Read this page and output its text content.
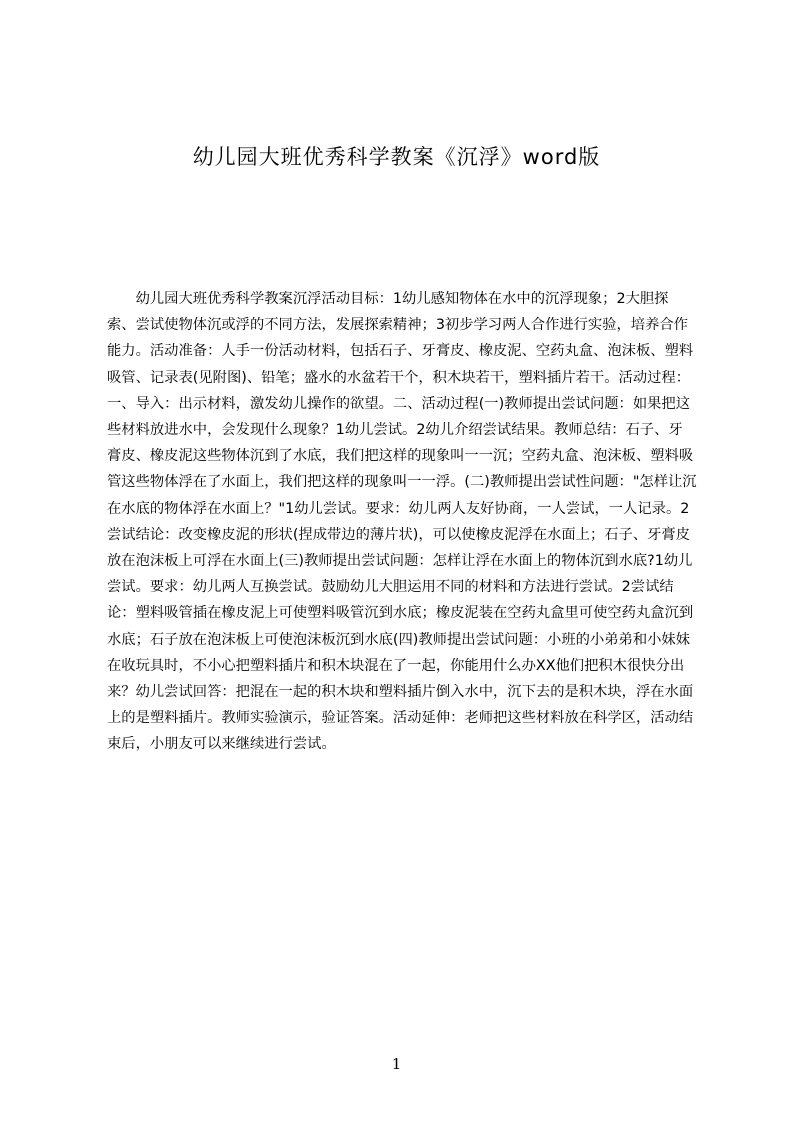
幼儿园大班优秀科学教案《沉浮》word版
幼儿园大班优秀科学教案沉浮活动目标：1幼儿感知物体在水中的沉浮现象；2大胆探索、尝试使物体沉或浮的不同方法，发展探索精神；3初步学习两人合作进行实验，培养合作能力。活动准备：人手一份活动材料，包括石子、牙膏皮、橡皮泥、空药丸盒、泡沫板、塑料吸管、记录表(见附图)、铅笔；盛水的水盆若干个，积木块若干，塑料插片若干。活动过程：一、导入：出示材料，激发幼儿操作的欲望。二、活动过程(一)教师提出尝试问题：如果把这些材料放进水中，会发现什么现象？1幼儿尝试。2幼儿介绍尝试结果。教师总结：石子、牙膏皮、橡皮泥这些物体沉到了水底，我们把这样的现象叫一一沉；空药丸盒、泡沫板、塑料吸管这些物体浮在了水面上，我们把这样的现象叫一一浮。(二)教师提出尝试性问题："怎样让沉在水底的物体浮在水面上？"1幼儿尝试。要求：幼儿两人友好协商，一人尝试，一人记录。2尝试结论：改变橡皮泥的形状(捏成带边的薄片状)，可以使橡皮泥浮在水面上；石子、牙膏皮放在泡沫板上可浮在水面上(三)教师提出尝试问题：怎样让浮在水面上的物体沉到水底?1幼儿尝试。要求：幼儿两人互换尝试。鼓励幼儿大胆运用不同的材料和方法进行尝试。2尝试结论：塑料吸管插在橡皮泥上可使塑料吸管沉到水底；橡皮泥装在空药丸盒里可使空药丸盒沉到水底；石子放在泡沫板上可使泡沫板沉到水底(四)教师提出尝试问题：小班的小弟弟和小妹妹在收玩具时，不小心把塑料插片和积木块混在了一起，你能用什么办XX他们把积木很快分出来？幼儿尝试回答：把混在一起的积木块和塑料插片倒入水中，沉下去的是积木块，浮在水面上的是塑料插片。教师实验演示，验证答案。活动延伸：老师把这些材料放在科学区，活动结束后，小朋友可以来继续进行尝试。
1
